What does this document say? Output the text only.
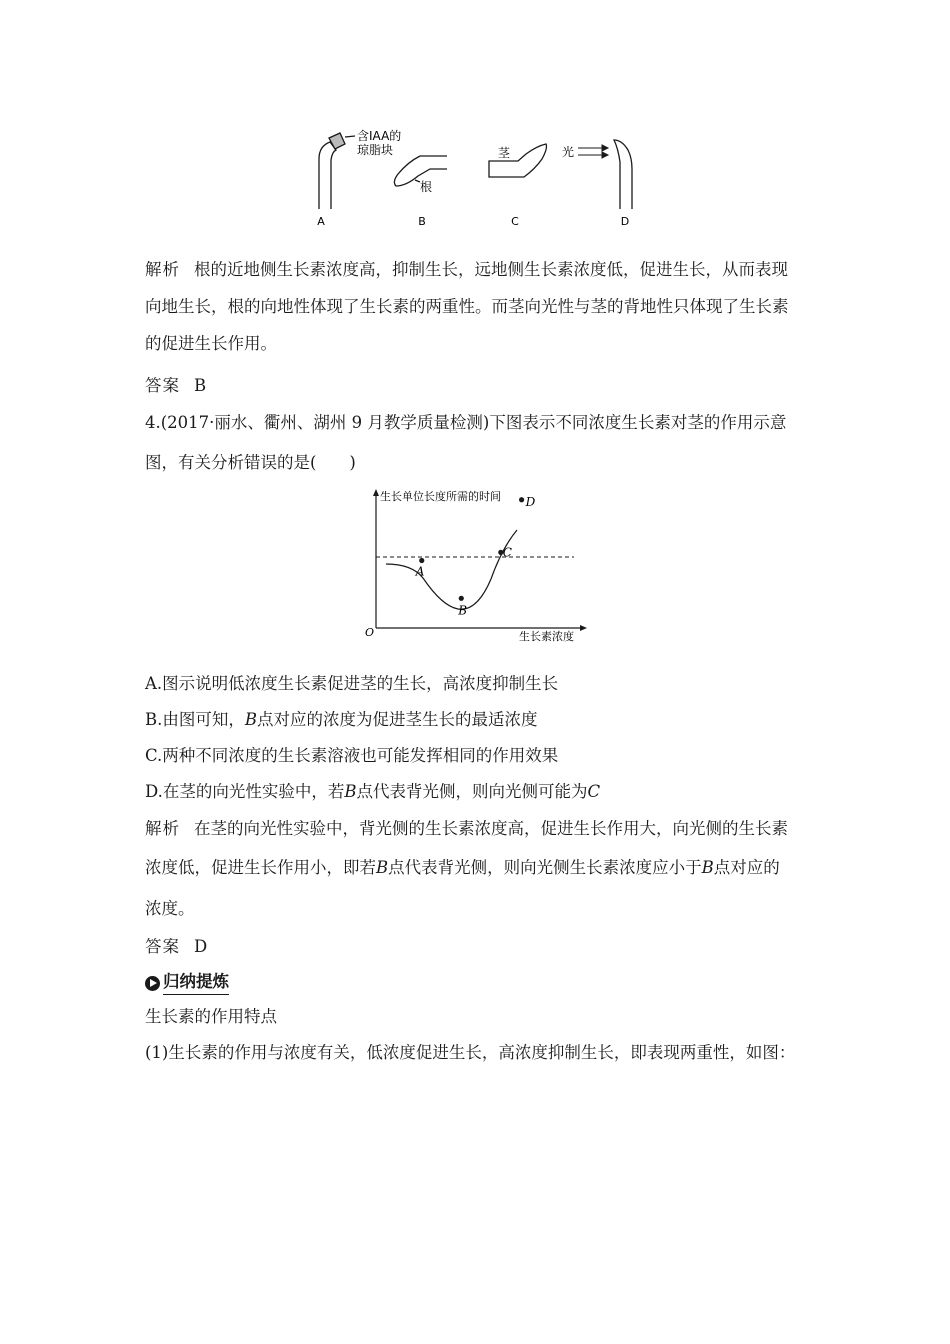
含IAA的
琼脂块
根
茎	光
A	B	C	D
解析 根的近地侧生长素浓度高，抑制生长，远地侧生长素浓度低，促进生长，从而表现
向地生长，根的向地性体现了生长素的两重性。而茎向光性与茎的背地性只体现了生长素
的促进生长作用。
答案 B
4.(2017·丽水、衢州、湖州 9 月教学质量检测)下图表示不同浓度生长素对茎的作用示意
图，有关分析错误的是(　　)
生长单位长度所需的时间
生长素浓度
O
A
B
C
D
A.图示说明低浓度生长素促进茎的生长，高浓度抑制生长
B.由图可知，B点对应的浓度为促进茎生长的最适浓度
C.两种不同浓度的生长素溶液也可能发挥相同的作用效果
D.在茎的向光性实验中，若B点代表背光侧，则向光侧可能为C
解析 在茎的向光性实验中，背光侧的生长素浓度高，促进生长作用大，向光侧的生长素
浓度低，促进生长作用小，即若B点代表背光侧，则向光侧生长素浓度应小于B点对应的
浓度。
答案 D
归纳提炼
生长素的作用特点
(1)生长素的作用与浓度有关，低浓度促进生长，高浓度抑制生长，即表现两重性，如图：
